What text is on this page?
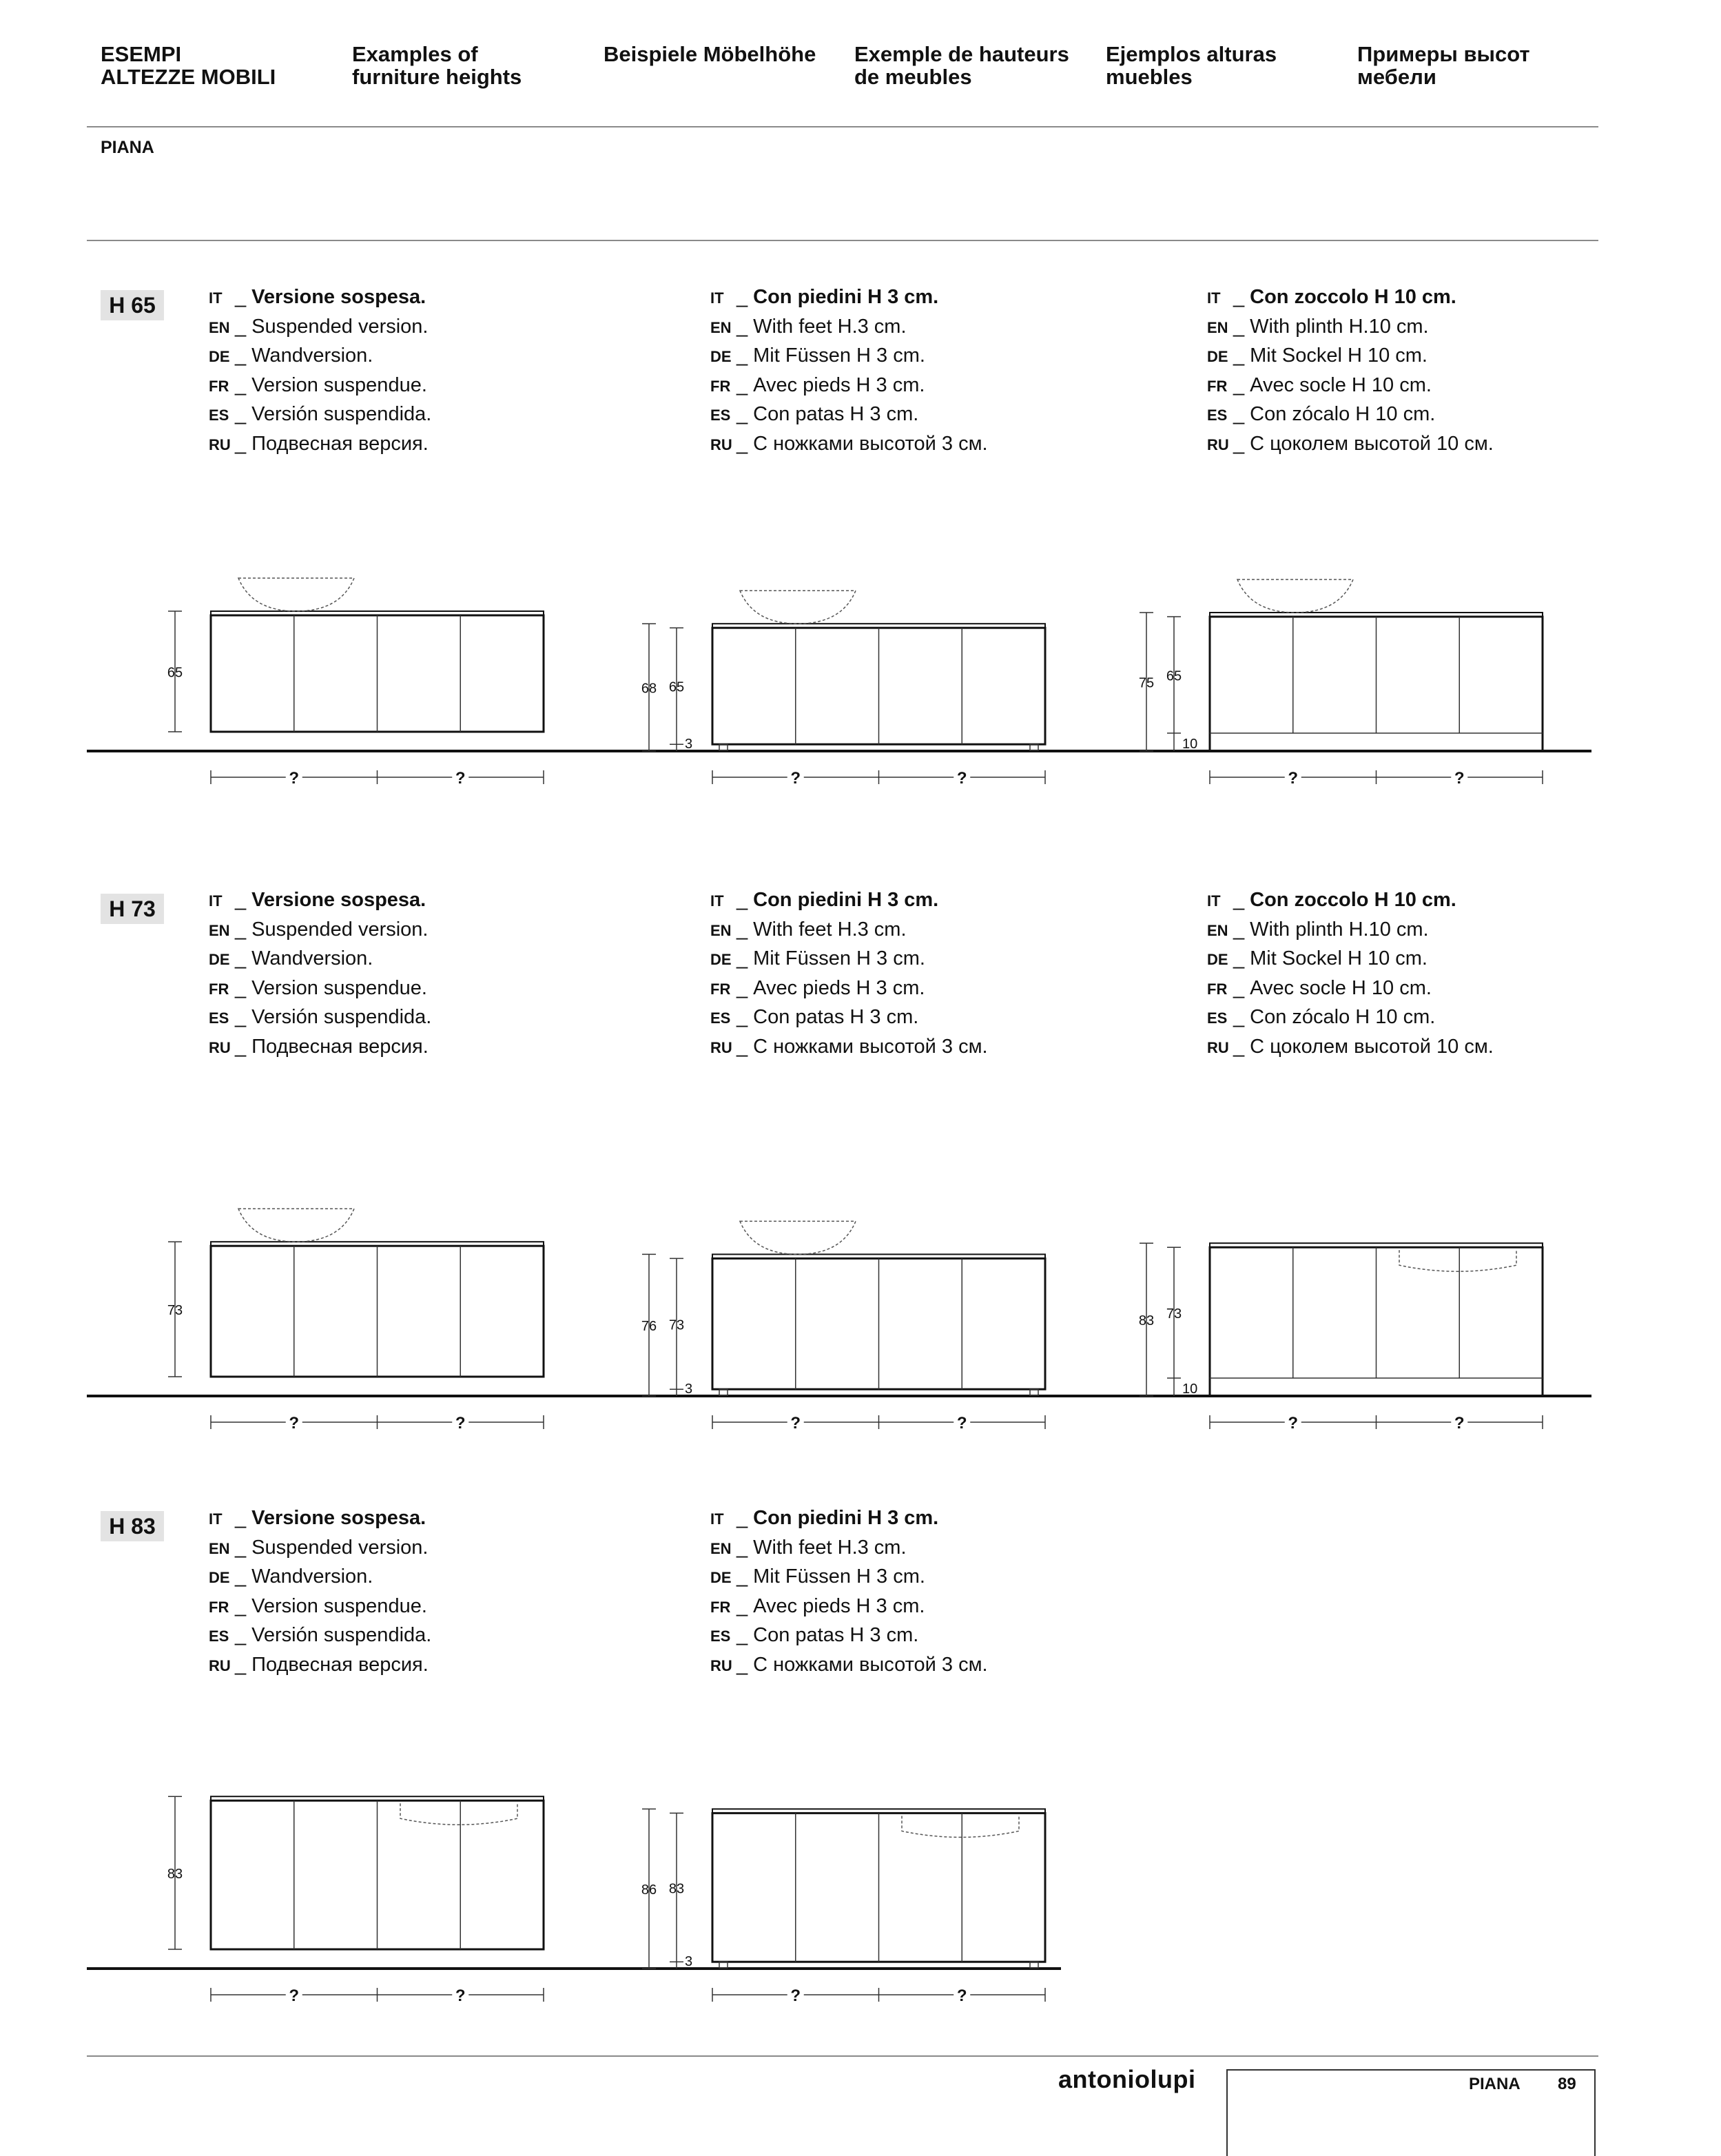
ESEMPI
ALTEZZE MOBILI
Examples of
furniture heights
Beispiele Möbelhöhe Exemple de hauteurs
de meubles
Ejemplos alturas
muebles
Примеры высот
мебели
PIANA
H 65
H 73
H 83
IT _ Versione sospesa.
EN _ Suspended version.
DE _ Wandversion.
FR _ Version suspendue.
ES _ Versión suspendida.
RU _ Подвесная версия.
IT _ Con piedini H 3 cm.
EN _ With feet H.3 cm.
DE _ Mit Füssen H 3 cm.
FR _ Avec pieds H 3 cm.
ES _ Con patas H 3 cm.
RU _ С ножками высотой 3 см.
IT _ Con zoccolo H 10 cm.
EN _ With plinth H.10 cm.
DE _ Mit Sockel H 10 cm.
FR _ Avec socle H 10 cm.
ES _ Con zócalo H 10 cm.
RU _ С цоколем высотой 10 см.
IT _ Versione sospesa.
EN _ Suspended version.
DE _ Wandversion.
FR _ Version suspendue.
ES _ Versión suspendida.
RU _ Подвесная версия.
IT _ Con piedini H 3 cm.
EN _ With feet H.3 cm.
DE _ Mit Füssen H 3 cm.
FR _ Avec pieds H 3 cm.
ES _ Con patas H 3 cm.
RU _ С ножками высотой 3 см.
IT _ Con zoccolo H 10 cm.
EN _ With plinth H.10 cm.
DE _ Mit Sockel H 10 cm.
FR _ Avec socle H 10 cm.
ES _ Con zócalo H 10 cm.
RU _ С цоколем высотой 10 см.
IT _ Versione sospesa.
EN _ Suspended version.
DE _ Wandversion.
FR _ Version suspendue.
ES _ Versión suspendida.
RU _ Подвесная версия.
IT _ Con piedini H 3 cm.
EN _ With feet H.3 cm.
DE _ Mit Füssen H 3 cm.
FR _ Avec pieds H 3 cm.
ES _ Con patas H 3 cm.
RU _ С ножками высотой 3 см.
65
?	?
68 65
3
?	?
75 65
10
?	?
73
?	?
76 73
3
?	?
83 73
10
?	?
83
?	?
86 83
3
?	?
antoniolupi	PIANA 89
